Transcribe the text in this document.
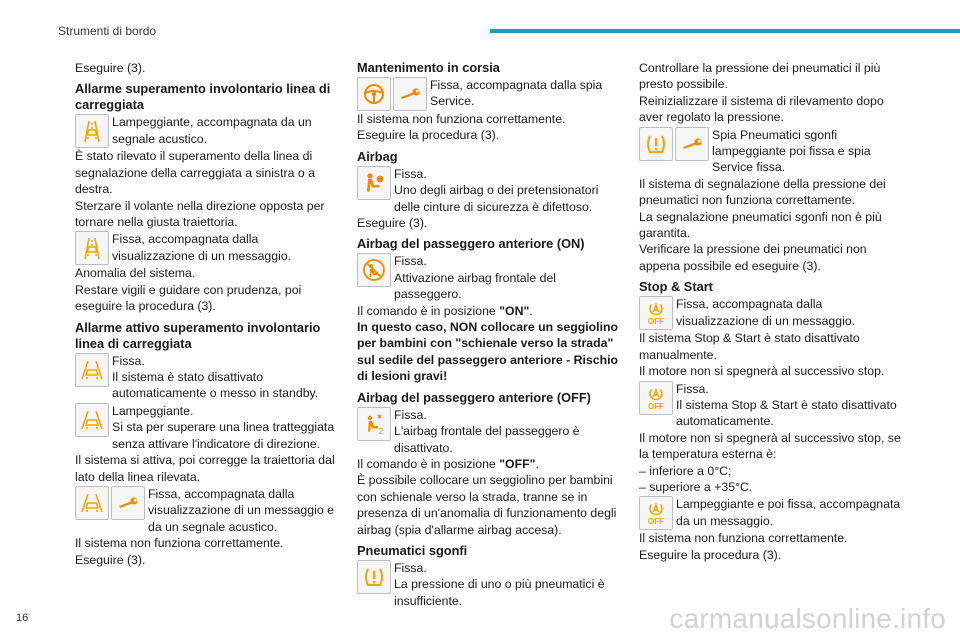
Strumenti di bordo

Eseguire (3).

Allarme superamento involontario linea di carreggiata
Lampeggiante, accompagnata da un segnale acustico.

È stato rilevato il superamento della linea di segnalazione della carreggiata a sinistra o a destra.

Sterzare il volante nella direzione opposta per tornare nella giusta traiettoria.

Fissa, accompagnata dalla visualizzazione di un messaggio.

Anomalia del sistema.

Restare vigili e guidare con prudenza, poi eseguire la procedura (3).

Allarme attivo superamento involontario linea di carreggiata
Fissa.
Il sistema è stato disattivato automaticamente o messo in standby.
Lampeggiante.
Si sta per superare una linea tratteggiata senza attivare l'indicatore di direzione.

Il sistema si attiva, poi corregge la traiettoria dal lato della linea rilevata.

Fissa, accompagnata dalla visualizzazione di un messaggio e da un segnale acustico.

Il sistema non funziona correttamente.

Eseguire (3).

Mantenimento in corsia
Fissa, accompagnata dalla spia Service.

Il sistema non funziona correttamente.

Eseguire la procedura (3).

Airbag
Fissa.
Uno degli airbag o dei pretensionatori delle cinture di sicurezza è difettoso.

Eseguire (3).

Airbag del passeggero anteriore (ON)
Fissa.
Attivazione airbag frontale del passeggero.

Il comando è in posizione "ON".

In questo caso, NON collocare un seggiolino per bambini con "schienale verso la strada" sul sedile del passeggero anteriore - Rischio di lesioni gravi!

Airbag del passeggero anteriore (OFF)
2
Fissa.
L'airbag frontale del passeggero è disattivato.

Il comando è in posizione "OFF".

È possibile collocare un seggiolino per bambini con schienale verso la strada, tranne se in presenza di un'anomalia di funzionamento degli airbag (spia d'allarme airbag accesa).

Pneumatici sgonfi
Fissa.
La pressione di uno o più pneumatici è insufficiente.

Controllare la pressione dei pneumatici il più presto possibile.

Reinizializzare il sistema di rilevamento dopo aver regolato la pressione.

Spia Pneumatici sgonfi lampeggiante poi fissa e spia Service fissa.

Il sistema di segnalazione della pressione dei pneumatici non funziona correttamente.

La segnalazione pneumatici sgonfi non è più garantita.

Verificare la pressione dei pneumatici non appena possibile ed eseguire (3).

Stop & Start
OFF
Fissa, accompagnata dalla visualizzazione di un messaggio.

Il sistema Stop & Start è stato disattivato manualmente.

Il motore non si spegnerà al successivo stop.

OFF
Fissa.
Il sistema Stop & Start è stato disattivato automaticamente.

Il motore non si spegnerà al successivo stop, se la temperatura esterna è:

– inferiore a 0°C;

– superiore a +35°C.

OFF
Lampeggiante e poi fissa, accompagnata da un messaggio.

Il sistema non funziona correttamente.

Eseguire la procedura (3).

16	carmanualsonline.info
